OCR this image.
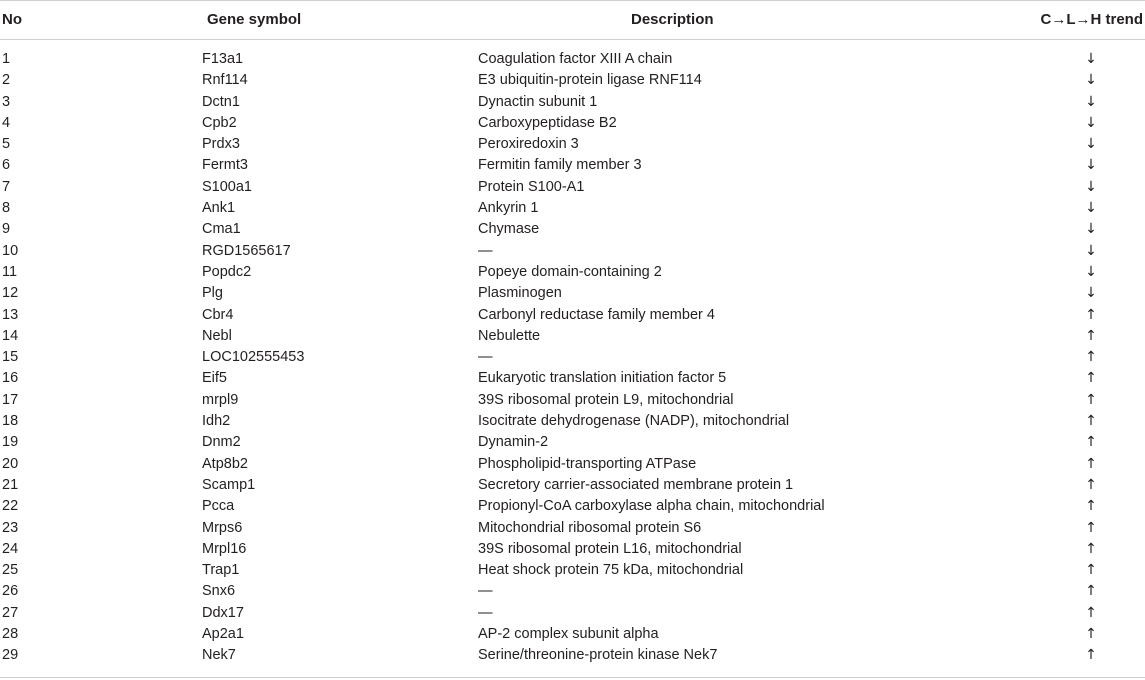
No	Gene symbol	Description	C→L→H trend
1	F13a1	Coagulation factor XIII A chain	↓
2	Rnf114	E3 ubiquitin-protein ligase RNF114	↓
3	Dctn1	Dynactin subunit 1	↓
4	Cpb2	Carboxypeptidase B2	↓
5	Prdx3	Peroxiredoxin 3	↓
6	Fermt3	Fermitin family member 3	↓
7	S100a1	Protein S100-A1	↓
8	Ank1	Ankyrin 1	↓
9	Cma1	Chymase	↓
10	RGD1565617	—	↓
11	Popdc2	Popeye domain-containing 2	↓
12	Plg	Plasminogen	↓
13	Cbr4	Carbonyl reductase family member 4	↑
14	Nebl	Nebulette	↑
15	LOC102555453	—	↑
16	Eif5	Eukaryotic translation initiation factor 5	↑
17	mrpl9	39S ribosomal protein L9, mitochondrial	↑
18	Idh2	Isocitrate dehydrogenase (NADP), mitochondrial	↑
19	Dnm2	Dynamin-2	↑
20	Atp8b2	Phospholipid-transporting ATPase	↑
21	Scamp1	Secretory carrier-associated membrane protein 1	↑
22	Pcca	Propionyl-CoA carboxylase alpha chain, mitochondrial	↑
23	Mrps6	Mitochondrial ribosomal protein S6	↑
24	Mrpl16	39S ribosomal protein L16, mitochondrial	↑
25	Trap1	Heat shock protein 75 kDa, mitochondrial	↑
26	Snx6	—	↑
27	Ddx17	—	↑
28	Ap2a1	AP-2 complex subunit alpha	↑
29	Nek7	Serine/threonine-protein kinase Nek7	↑
